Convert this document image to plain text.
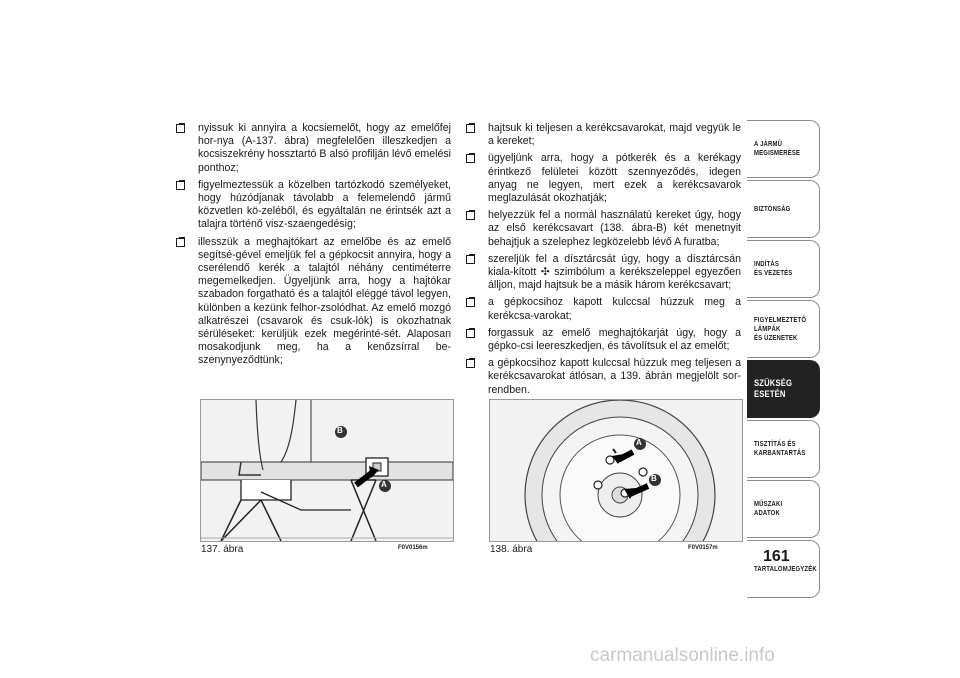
nyissuk ki annyira a kocsiemelőt, hogy az emelőfej hor-nya (A-137. ábra) megfelelően illeszkedjen a kocsiszekrény hossztartó B alsó profilján lévő emelési ponthoz;
figyelmeztessük a közelben tartózkodó személyeket, hogy húzódjanak távolabb a felemelendő jármű közvetlen kö-zeléből, és egyáltalán ne érintsék azt a talajra történő visz-szaengedésig;
illesszük a meghajtókart az emelőbe és az emelő segítsé-gével emeljük fel a gépkocsit annyira, hogy a cserélendő kerék a talajtól néhány centiméterre megemelkedjen. Ügyeljünk arra, hogy a hajtókar szabadon forgatható és a talajtól eléggé távol legyen, különben a kezünk felhor-zsolódhat. Az emelő mozgó alkatrészei (csavarok és csuk-lók) is okozhatnak sérüléseket: kerüljük ezek megérinté-sét. Alaposan mosakodjunk meg, ha a kenőzsírral be-szenynyeződtünk;
hajtsuk ki teljesen a kerékcsavarokat, majd vegyük le a kereket;
ügyeljünk arra, hogy a pótkerék és a kerékagy érintkező felületei között szennyeződés, idegen anyag ne legyen, mert ezek a kerékcsavarok meglazulását okozhatják;
helyezzük fel a normál használatú kereket úgy, hogy az első kerékcsavart (138. ábra-B) két menetnyit behajtjuk a szelephez legközelebb lévő A furatba;
szereljük fel a dísztárcsát úgy, hogy a dísztárcsán kiala-kított ✣ szimbólum a kerékszeleppel egyezően álljon, majd hajtsuk be a másik három kerékcsavart;
a gépkocsihoz kapott kulccsal húzzuk meg a kerékcsa-varokat;
forgassuk az emelő meghajtókarját úgy, hogy a gépko-csi leereszkedjen, és távolítsuk el az emelőt;
a gépkocsihoz kapott kulccsal húzzuk meg teljesen a kerékcsavarokat átlósan, a 139. ábrán megjelölt sor-rendben.
B
A
137. ábra	F0V0156m
A
B
138. ábra	F0V0157m
A JÁRMŰ
MEGISMERÉSE
BIZTONSÁG
INDÍTÁS
ÉS VEZETÉS
FIGYELMEZTETŐ
LÁMPÁK
ÉS ÜZENETEK
SZÜKSÉG
ESETÉN
TISZTÍTÁS ÉS
KARBANTARTÁS
MŰSZAKI
ADATOK
TARTALOMJEGYZÉK
161
carmanualsonline.info
